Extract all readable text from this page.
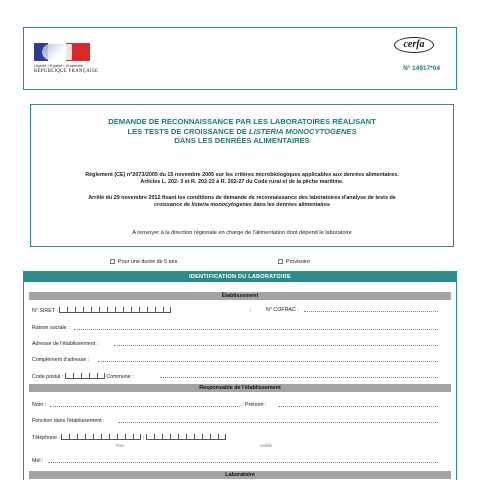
Liberté • Égalité • Fraternité
RÉPUBLIQUE FRANÇAISE
cerfa
N° 14917*04
DEMANDE DE RECONNAISSANCE PAR LES LABORATOIRES RÉALISANT
LES TESTS DE CROISSANCE DE LISTERIA MONOCYTOGENES
DANS LES DENRÉES ALIMENTAIRES
Règlement (CE) n°2073/2005 du 15 novembre 2005 sur les critères microbiologiques applicables aux denrées alimentaires.
Articles L. 202- 3 et R. 202-22 à R. 202-27 du Code rural et de la pêche maritime.
Arrêté du 29 novembre 2012 fixant les conditions de demande de reconnaissance des laboratoires d'analyse de tests de
croissance de listeria monocytogenes dans les denrées alimentaires
A renvoyer à la direction régionale en charge de l'alimentation dont dépend le laboratoire
Pour une durée de 5 ans	Provisoire
IDENTIFICATION DU LABORATOIRE
Établissement
N° SIRET :	;	N° COFRAC :
Raison sociale :
Adresse de l'établissement :
Complément d'adresse :
Code postal :	Commune :
Responsable de l'établissement
Nom :	: Prénom :
Fonction dans l'établissement :
Téléphone :	;
Fixe	mobile
Mél :
Laboratoire
